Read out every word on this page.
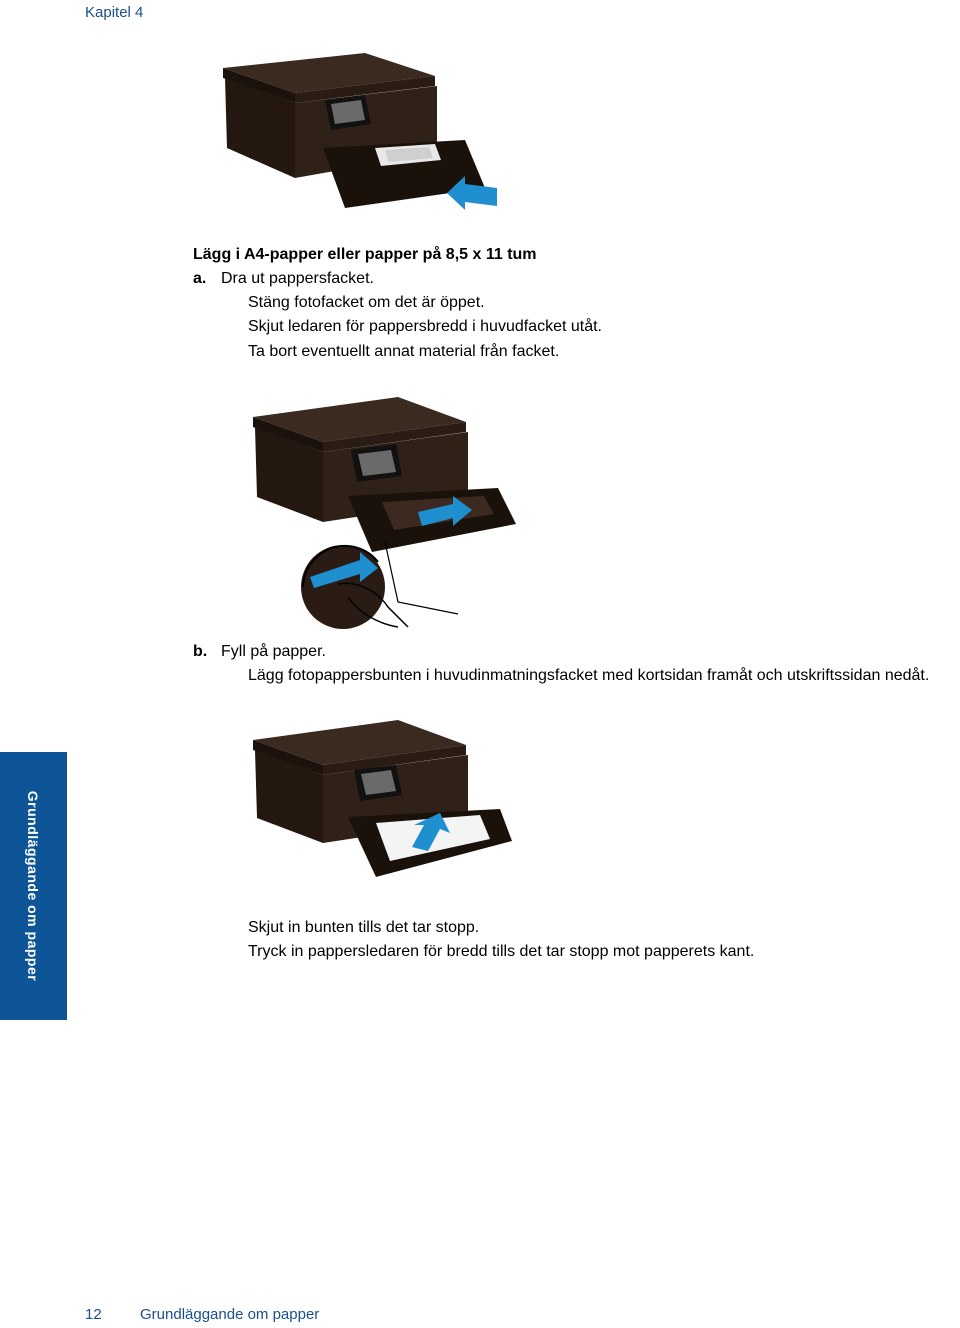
Kapitel 4
Lägg i A4-papper eller papper på 8,5 x 11 tum
a. Dra ut pappersfacket.
Stäng fotofacket om det är öppet.
Skjut ledaren för pappersbredd i huvudfacket utåt.
Ta bort eventuellt annat material från facket.
b. Fyll på papper.
Lägg fotopappersbunten i huvudinmatningsfacket med kortsidan framåt och utskriftssidan nedåt.
Skjut in bunten tills det tar stopp.
Tryck in pappersledaren för bredd tills det tar stopp mot papperets kant.
Grundläggande om papper
12	Grundläggande om papper
